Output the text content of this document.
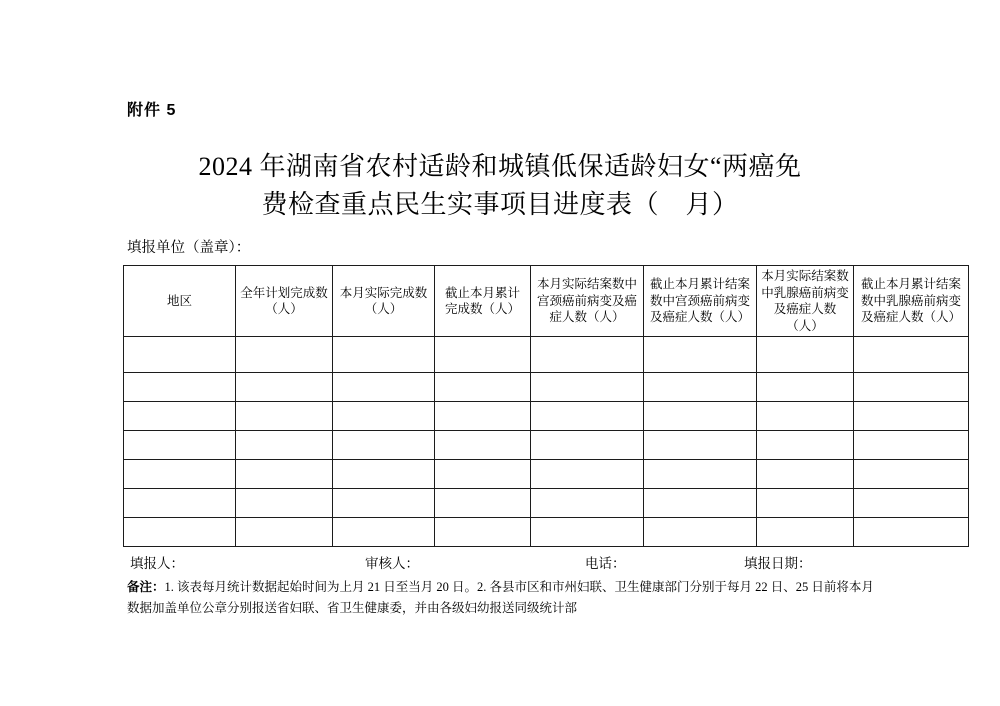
附件 5
2024 年湖南省农村适龄和城镇低保适龄妇女“两癌免
费检查重点民生实事项目进度表（　月）
填报单位（盖章）：
地区	全年计划完成数（人）	本月实际完成数（人）	截止本月累计完成数（人）	本月实际结案数中宫颈癌前病变及癌症人数（人）	截止本月累计结案数中宫颈癌前病变及癌症人数（人）	本月实际结案数中乳腺癌前病变及癌症人数（人）	截止本月累计结案数中乳腺癌前病变及癌症人数（人）

填报人：	审核人：	电话：	填报日期：
备注：1. 该表每月统计数据起始时间为上月 21 日至当月 20 日。2. 各县市区和市州妇联、卫生健康部门分别于每月 22 日、25 日前将本月
数据加盖单位公章分别报送省妇联、省卫生健康委，并由各级妇幼报送同级统计部
